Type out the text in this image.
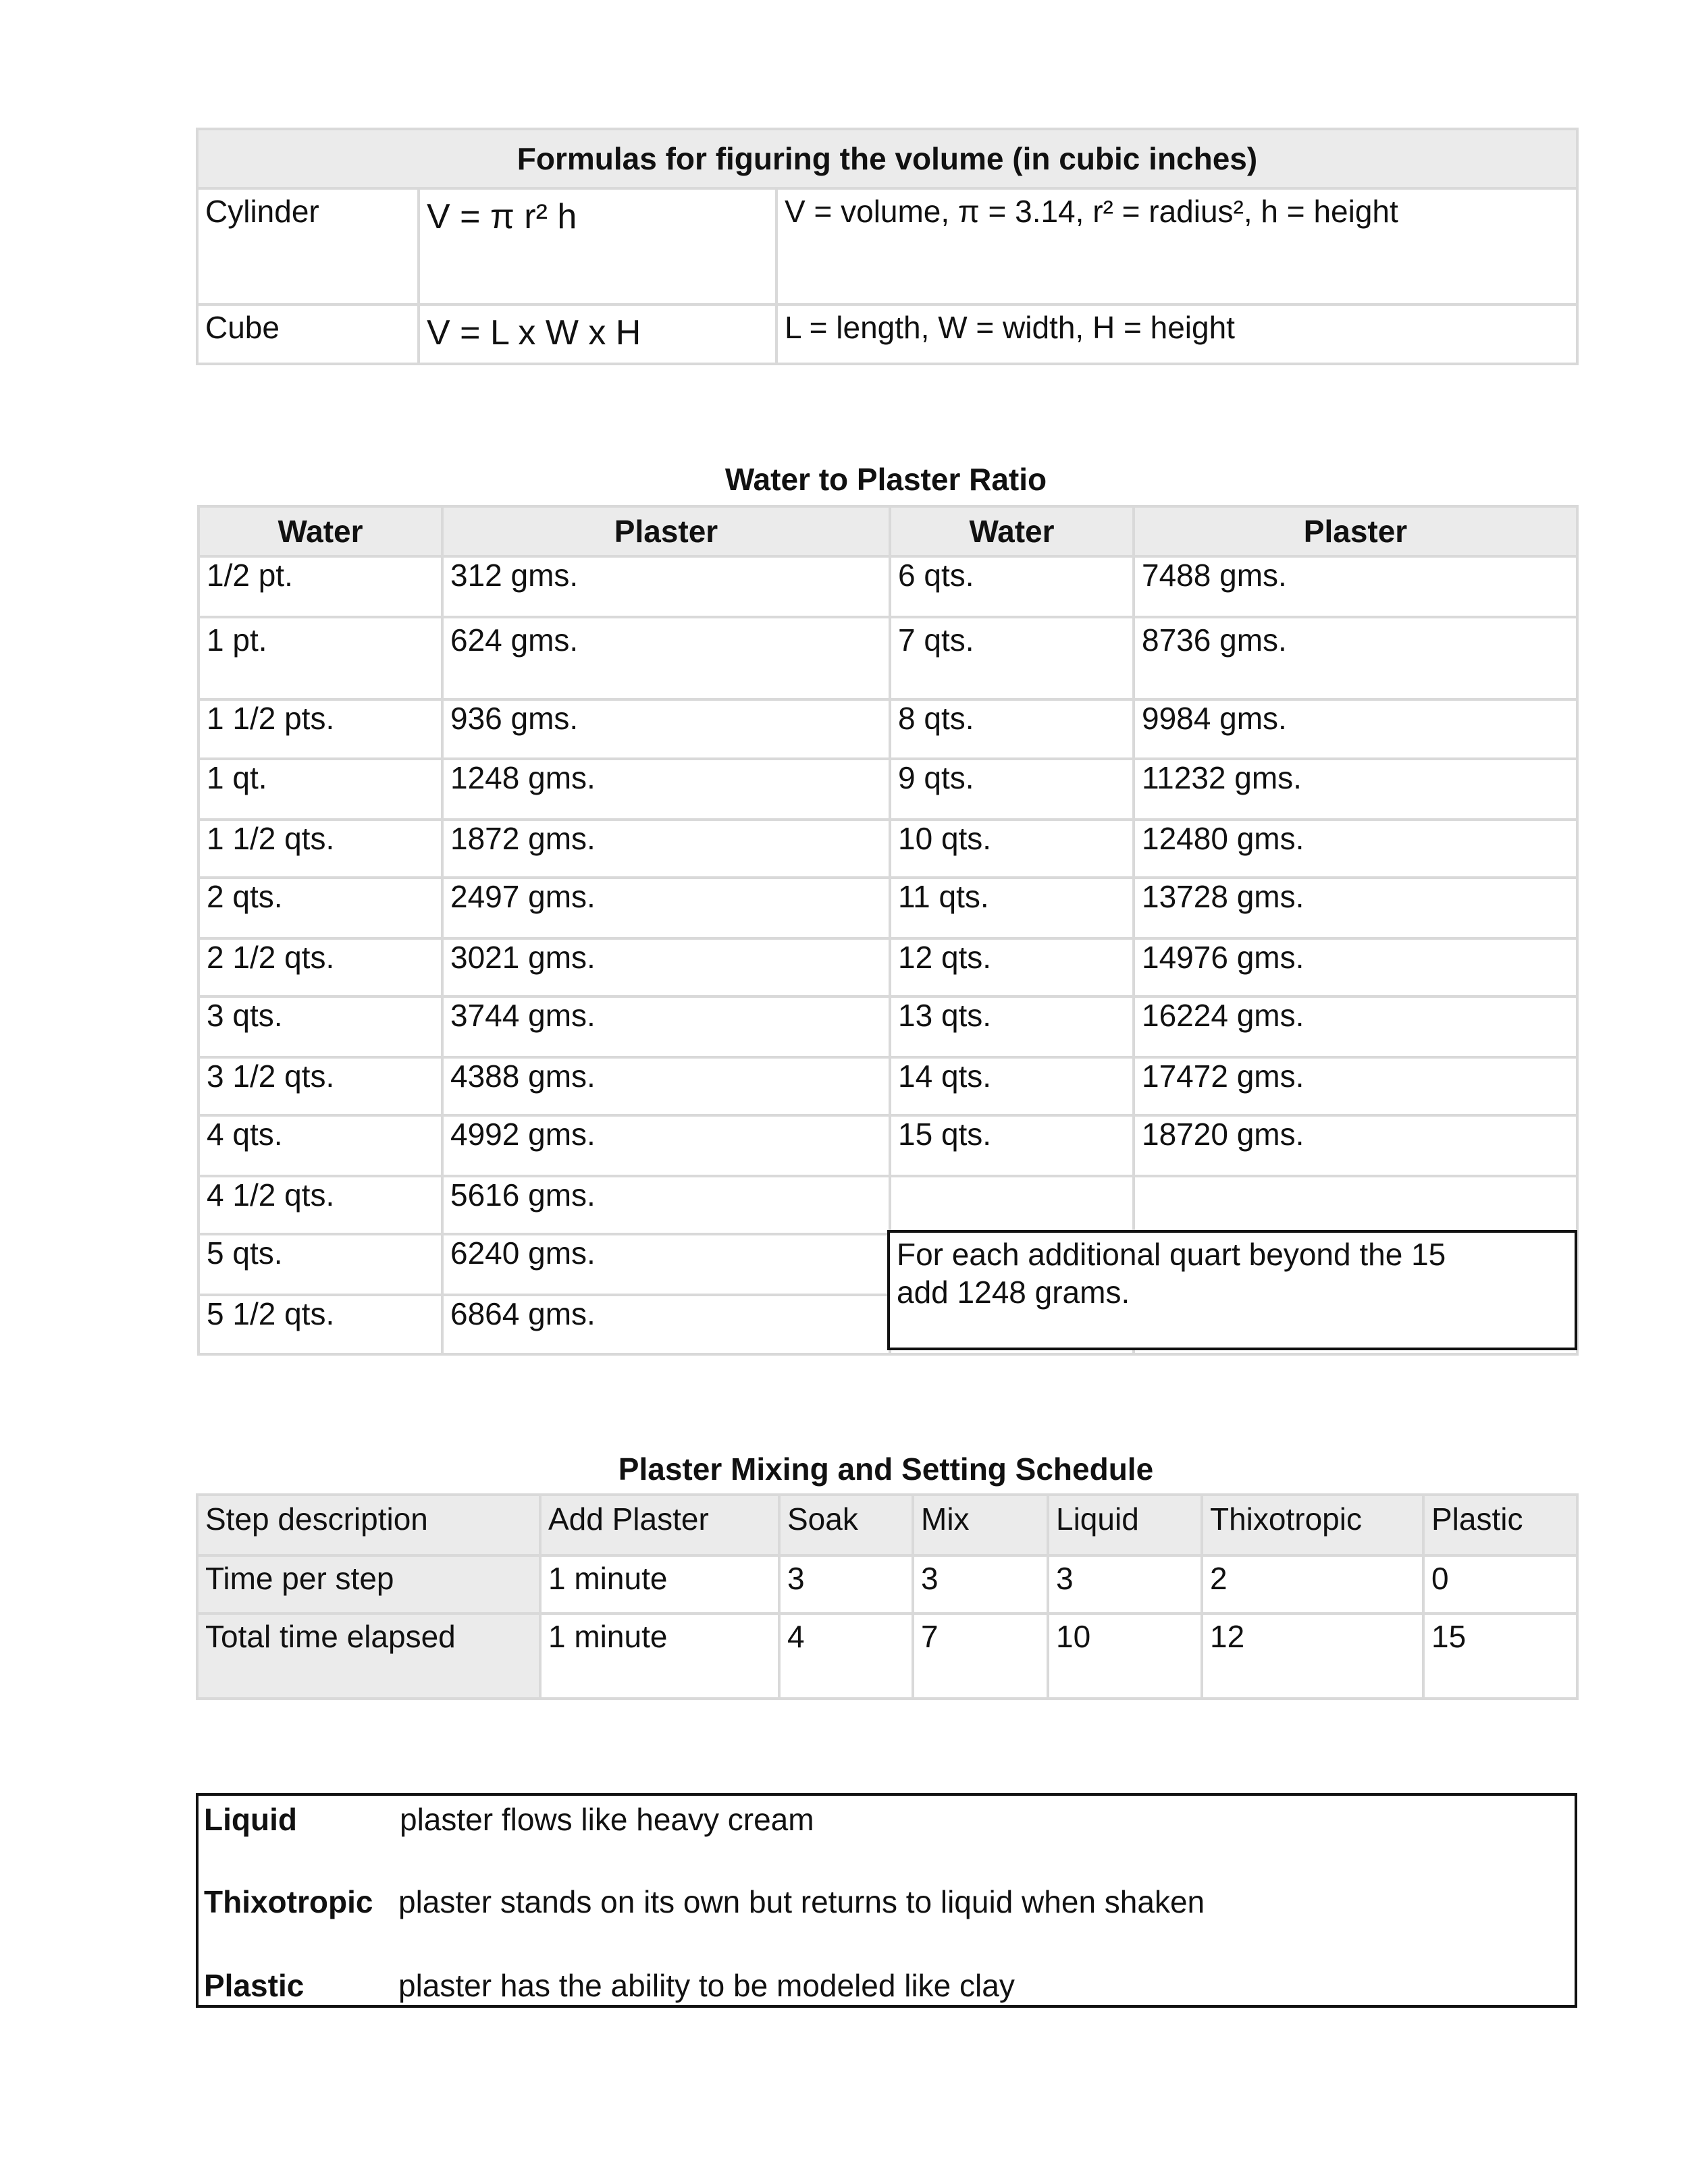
Formulas for figuring the volume (in cubic inches)		
Cylinder	V = π r² h	V = volume, π = 3.14, r² = radius², h = height
Cube	V = L x W x H	L = length, W = width, H = height
Water to Plaster Ratio
Water	Plaster	Water	Plaster
1/2 pt.	312 gms.	6 qts.	7488 gms.
1 pt.	624 gms.	7 qts.	8736 gms.
1 1/2 pts.	936 gms.	8 qts.	9984 gms.
1 qt.	1248 gms.	9 qts.	11232 gms.
1 1/2 qts.	1872 gms.	10 qts.	12480 gms.
2 qts.	2497 gms.	11 qts.	13728 gms.
2 1/2 qts.	3021 gms.	12 qts.	14976 gms.
3 qts.	3744 gms.	13 qts.	16224 gms.
3 1/2 qts.	4388 gms.	14 qts.	17472 gms.
4 qts.	4992 gms.	15 qts.	18720 gms.
4 1/2 qts.	5616 gms.		
5 qts.	6240 gms.		
5 1/2 qts.	6864 gms.		
For each additional quart beyond the 15 add 1248 grams.
Plaster Mixing and Setting Schedule
Step description	Add Plaster	Soak	Mix	Liquid	Thixotropic	Plastic
Time per step	1 minute	3	3	3	2	0
Total time elapsed	1 minute	4	7	10	12	15
Liquid	plaster flows like heavy cream
Thixotropic plaster stands on its own but returns to liquid when shaken
Plastic	plaster has the ability to be modeled like clay
